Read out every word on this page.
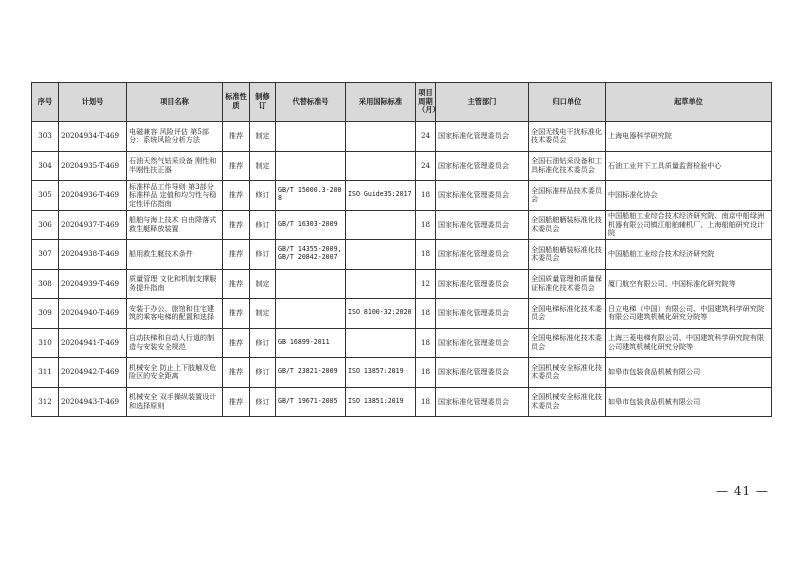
序号	计划号	项目名称	标准性质	制修订	代替标准号	采用国际标准	项目周期（月）	主管部门	归口单位	起草单位
303	20204934-T-469	电磁兼容 风险评估 第5部分：系统风险分析方法	推荐	制定			24	国家标准化管理委员会	全国无线电干扰标准化技术委员会	上海电器科学研究院
304	20204935-T-469	石油天然气钻采设备 刚性和半刚性扶正器	推荐	制定			24	国家标准化管理委员会	全国石油钻采设备和工具标准化技术委员会	石油工业井下工具质量监督检验中心
305	20204936-T-469	标准样品工作导则 第3部分 标准样品 定值和均匀性与稳定性评估指南	推荐	修订	GB/T 15000.3-2008	ISO Guide35:2017	18	国家标准化管理委员会	全国标准样品技术委员会	中国标准化协会
306	20204937-T-469	船舶与海上技术 自由降落式救生艇释放装置	推荐	修订	GB/T 16303-2009		18	国家标准化管理委员会	全国船舶舾装标准化技术委员会	中国船舶工业综合技术经济研究院、南京中船绿洲机器有限公司镇江船舶辅机厂、上海船舶研究设计院
307	20204938-T-469	船用救生艇技术条件	推荐	修订	GB/T 14355-2009, GB/T 20842-2007		18	国家标准化管理委员会	全国船舶舾装标准化技术委员会	中国船舶工业综合技术经济研究院
308	20204939-T-469	质量管理 文化和机制支撑服务提升指南	推荐	制定			12	国家标准化管理委员会	全国质量管理和质量保证标准化技术委员会	厦门航空有限公司、中国标准化研究院等
309	20204940-T-469	安装于办公、旅馆和住宅建筑的乘客电梯的配置和选择	推荐	制定		ISO 8100-32:2020	18	国家标准化管理委员会	全国电梯标准化技术委员会	日立电梯（中国）有限公司、中国建筑科学研究院有限公司建筑机械化研究分院等
310	20204941-T-469	自动扶梯和自动人行道的制造与安装安全规范	推荐	修订	GB 16899-2011		18	国家标准化管理委员会	全国电梯标准化技术委员会	上海三菱电梯有限公司、中国建筑科学研究院有限公司建筑机械化研究分院等
311	20204942-T-469	机械安全 防止上下肢触及危险区的安全距离	推荐	修订	GB/T 23821-2009	ISO 13857:2019	18	国家标准化管理委员会	全国机械安全标准化技术委员会	如皋市包装食品机械有限公司
312	20204943-T-469	机械安全 双手操纵装置设计和选择原则	推荐	修订	GB/T 19671-2005	ISO 13851:2019	18	国家标准化管理委员会	全国机械安全标准化技术委员会	如皋市包装食品机械有限公司
— 41 —
